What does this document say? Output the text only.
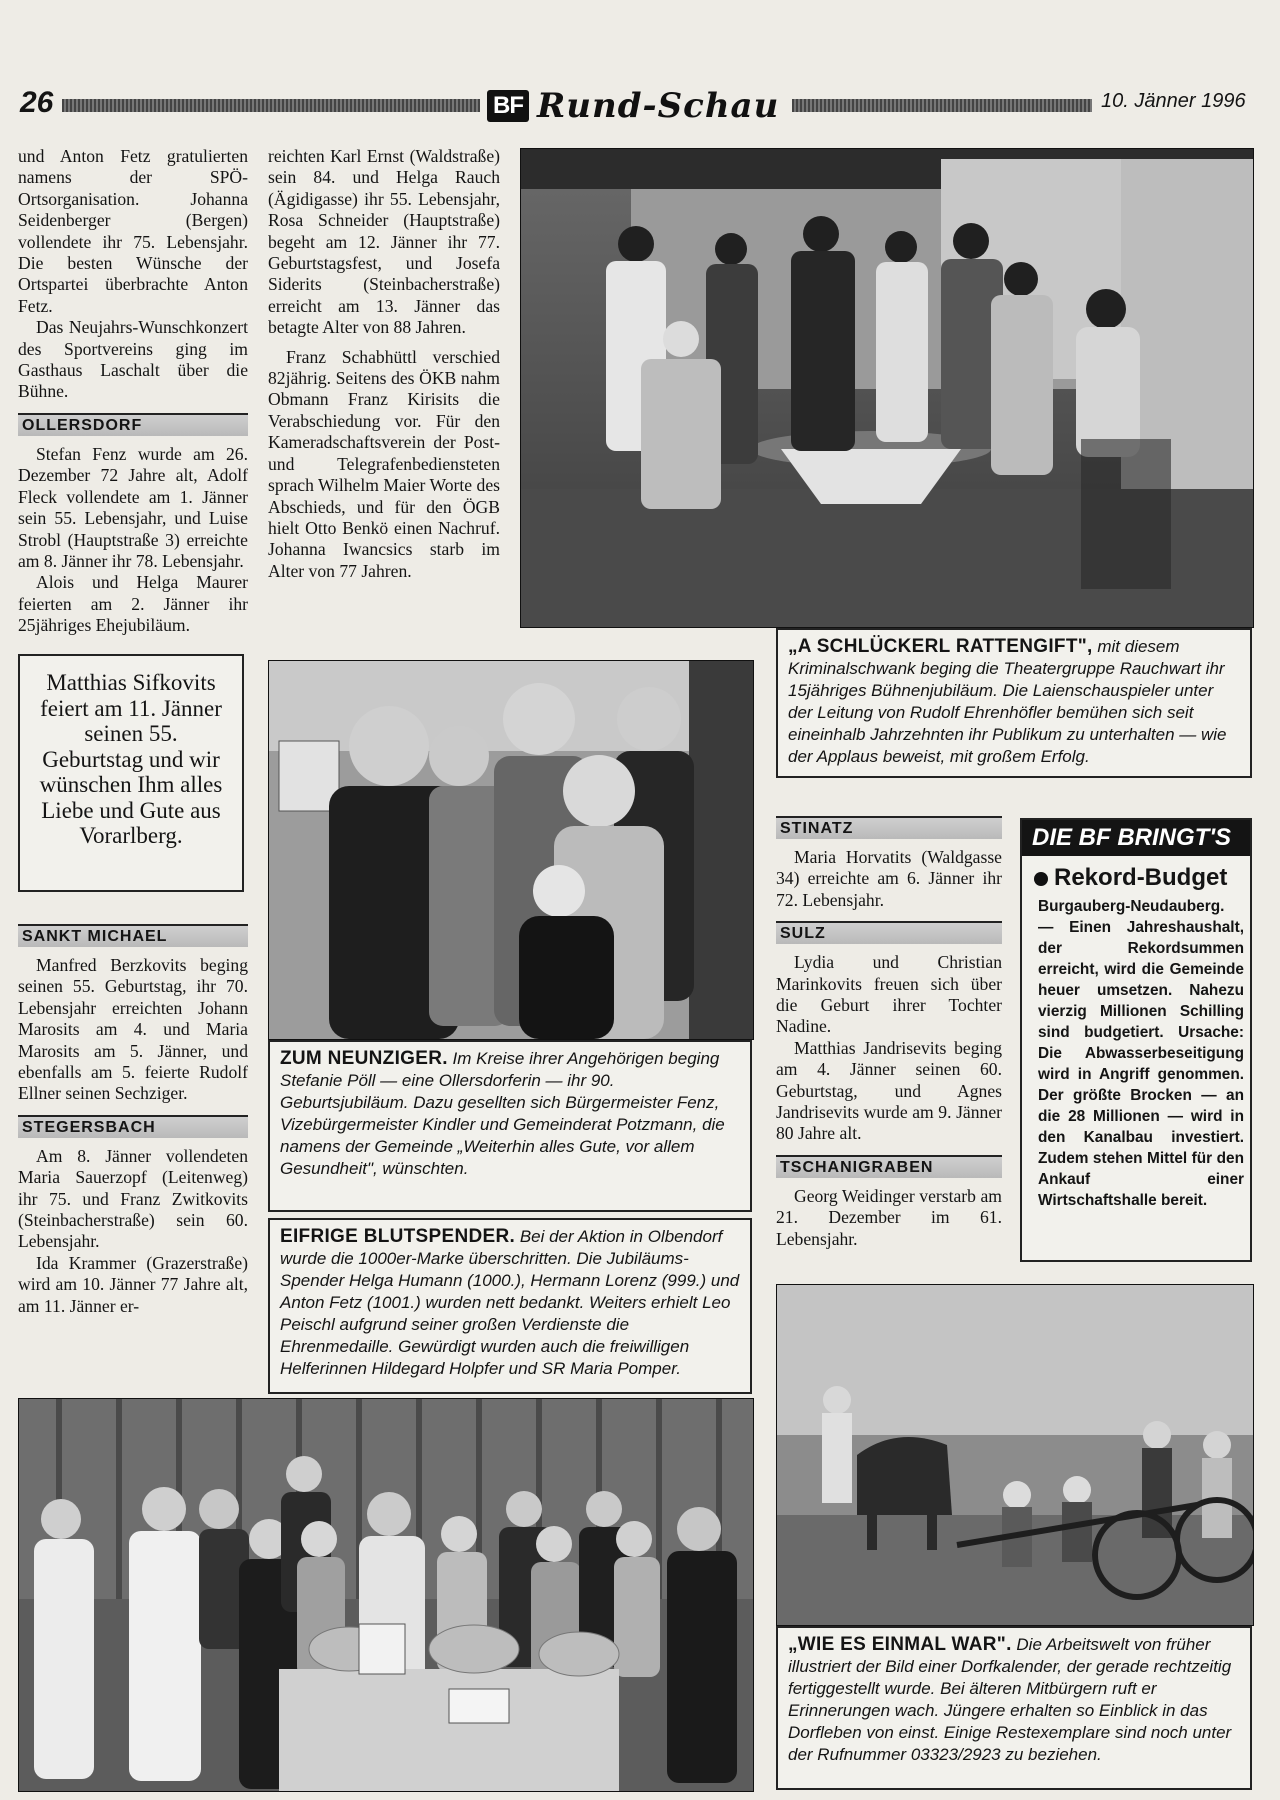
26	BF Rund-Schau	10. Jänner 1996

und Anton Fetz gratulierten namens der SPÖ-Ortsorganisation. Johanna Seidenberger (Bergen) vollendete ihr 75. Lebensjahr. Die besten Wünsche der Ortspartei überbrachte Anton Fetz.

Das Neujahrs-Wunschkonzert des Sportvereins ging im Gasthaus Laschalt über die Bühne.

OLLERSDORF

Stefan Fenz wurde am 26. Dezember 72 Jahre alt, Adolf Fleck vollendete am 1. Jänner sein 55. Lebensjahr, und Luise Strobl (Hauptstraße 3) erreichte am 8. Jänner ihr 78. Lebensjahr.

Alois und Helga Maurer feierten am 2. Jänner ihr 25jähriges Ehejubiläum.

Matthias Sifkovits feiert am 11. Jänner seinen 55. Geburtstag und wir wünschen Ihm alles Liebe und Gute aus Vorarlberg.
SANKT MICHAEL

Manfred Berzkovits beging seinen 55. Geburtstag, ihr 70. Lebensjahr erreichten Johann Marosits am 4. und Maria Marosits am 5. Jänner, und ebenfalls am 5. feierte Rudolf Ellner seinen Sechziger.

STEGERSBACH

Am 8. Jänner vollendeten Maria Sauerzopf (Leitenweg) ihr 75. und Franz Zwitkovits (Steinbacherstraße) sein 60. Lebensjahr.

Ida Krammer (Grazerstraße) wird am 10. Jänner 77 Jahre alt, am 11. Jänner er-

reichten Karl Ernst (Waldstraße) sein 84. und Helga Rauch (Ägidigasse) ihr 55. Lebensjahr, Rosa Schneider (Hauptstraße) begeht am 12. Jänner ihr 77. Geburtstagsfest, und Josefa Siderits (Steinbacherstraße) erreicht am 13. Jänner das betagte Alter von 88 Jahren.

Franz Schabhüttl verschied 82jährig. Seitens des ÖKB nahm Obmann Franz Kirisits die Verabschiedung vor. Für den Kameradschaftsverein der Post- und Telegrafenbediensteten sprach Wilhelm Maier Worte des Abschieds, und für den ÖGB hielt Otto Benkö einen Nachruf. Johanna Iwancsics starb im Alter von 77 Jahren.

„A SCHLÜCKERL RATTENGIFT", mit diesem Kriminalschwank beging die Theatergruppe Rauchwart ihr 15jähriges Bühnenjubiläum. Die Laienschauspieler unter der Leitung von Rudolf Ehrenhöfler bemühen sich seit eineinhalb Jahrzehnten ihr Publikum zu unterhalten — wie der Applaus beweist, mit großem Erfolg.
ZUM NEUNZIGER. Im Kreise ihrer Angehörigen beging Stefanie Pöll — eine Ollersdorferin — ihr 90. Geburtsjubiläum. Dazu gesellten sich Bürgermeister Fenz, Vizebürgermeister Kindler und Gemeinderat Potzmann, die namens der Gemeinde „Weiterhin alles Gute, vor allem Gesundheit", wünschten.
EIFRIGE BLUTSPENDER. Bei der Aktion in Olbendorf wurde die 1000er-Marke überschritten. Die Jubiläums-Spender Helga Humann (1000.), Hermann Lorenz (999.) und Anton Fetz (1001.) wurden nett bedankt. Weiters erhielt Leo Peischl aufgrund seiner großen Verdienste die Ehrenmedaille. Gewürdigt wurden auch die freiwilligen Helferinnen Hildegard Holpfer und SR Maria Pomper.
STINATZ

Maria Horvatits (Waldgasse 34) erreichte am 6. Jänner ihr 72. Lebensjahr.

SULZ

Lydia und Christian Marinkovits freuen sich über die Geburt ihrer Tochter Nadine.

Matthias Jandrisevits beging am 4. Jänner seinen 60. Geburtstag, und Agnes Jandrisevits wurde am 9. Jänner 80 Jahre alt.

TSCHANIGRABEN

Georg Weidinger verstarb am 21. Dezember im 61. Lebensjahr.

DIE BF BRINGT'S
Rekord-Budget
Burgauberg-Neudauberg. — Einen Jahreshaushalt, der Rekordsummen erreicht, wird die Gemeinde heuer umsetzen. Nahezu vierzig Millionen Schilling sind budgetiert. Ursache: Die Abwasserbeseitigung wird in Angriff genommen. Der größte Brocken — an die 28 Millionen — wird in den Kanalbau investiert. Zudem stehen Mittel für den Ankauf einer Wirtschaftshalle bereit.
„WIE ES EINMAL WAR". Die Arbeitswelt von früher illustriert der Bild einer Dorfkalender, der gerade rechtzeitig fertiggestellt wurde. Bei älteren Mitbürgern ruft er Erinnerungen wach. Jüngere erhalten so Einblick in das Dorfleben von einst. Einige Restexemplare sind noch unter der Rufnummer 03323/2923 zu beziehen.
